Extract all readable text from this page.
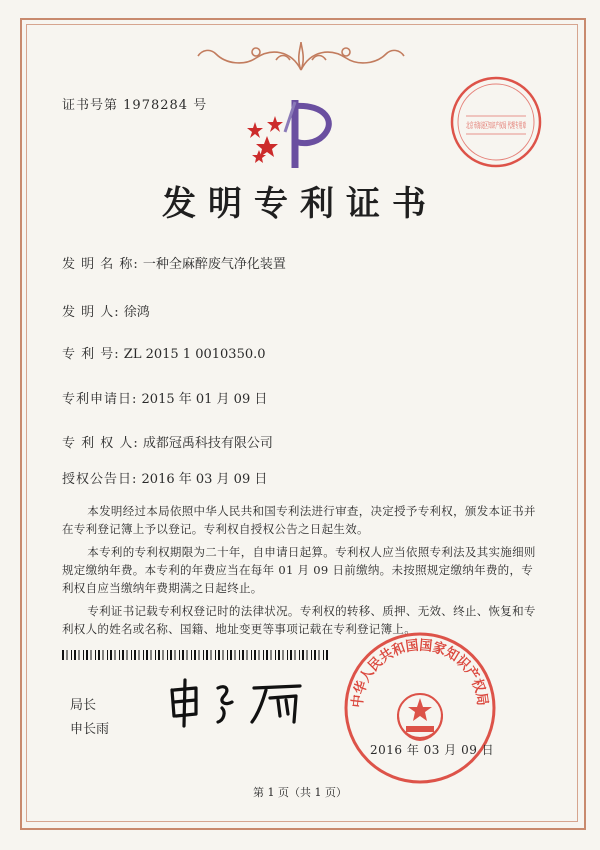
证书号第 1978284 号
北京市海淀区知识产权局 代理专用章
发明专利证书
发 明 名 称: 一种全麻醉废气净化装置
发 明 人: 徐鸿
专 利 号: ZL 2015 1 0010350.0
专利申请日: 2015 年 01 月 09 日
专 利 权 人: 成都冠禹科技有限公司
授权公告日: 2016 年 03 月 09 日

本发明经过本局依照中华人民共和国专利法进行审查，决定授予专利权，颁发本证书并在专利登记簿上予以登记。专利权自授权公告之日起生效。

本专利的专利权期限为二十年，自申请日起算。专利权人应当依照专利法及其实施细则规定缴纳年费。本专利的年费应当在每年 01 月 09 日前缴纳。未按照规定缴纳年费的，专利权自应当缴纳年费期满之日起终止。

专利证书记载专利权登记时的法律状况。专利权的转移、质押、无效、终止、恢复和专利权人的姓名或名称、国籍、地址变更等事项记载在专利登记簿上。

局长
申长雨
中华人民共和国国家知识产权局
2016 年 03 月 09 日
第 1 页（共 1 页）
